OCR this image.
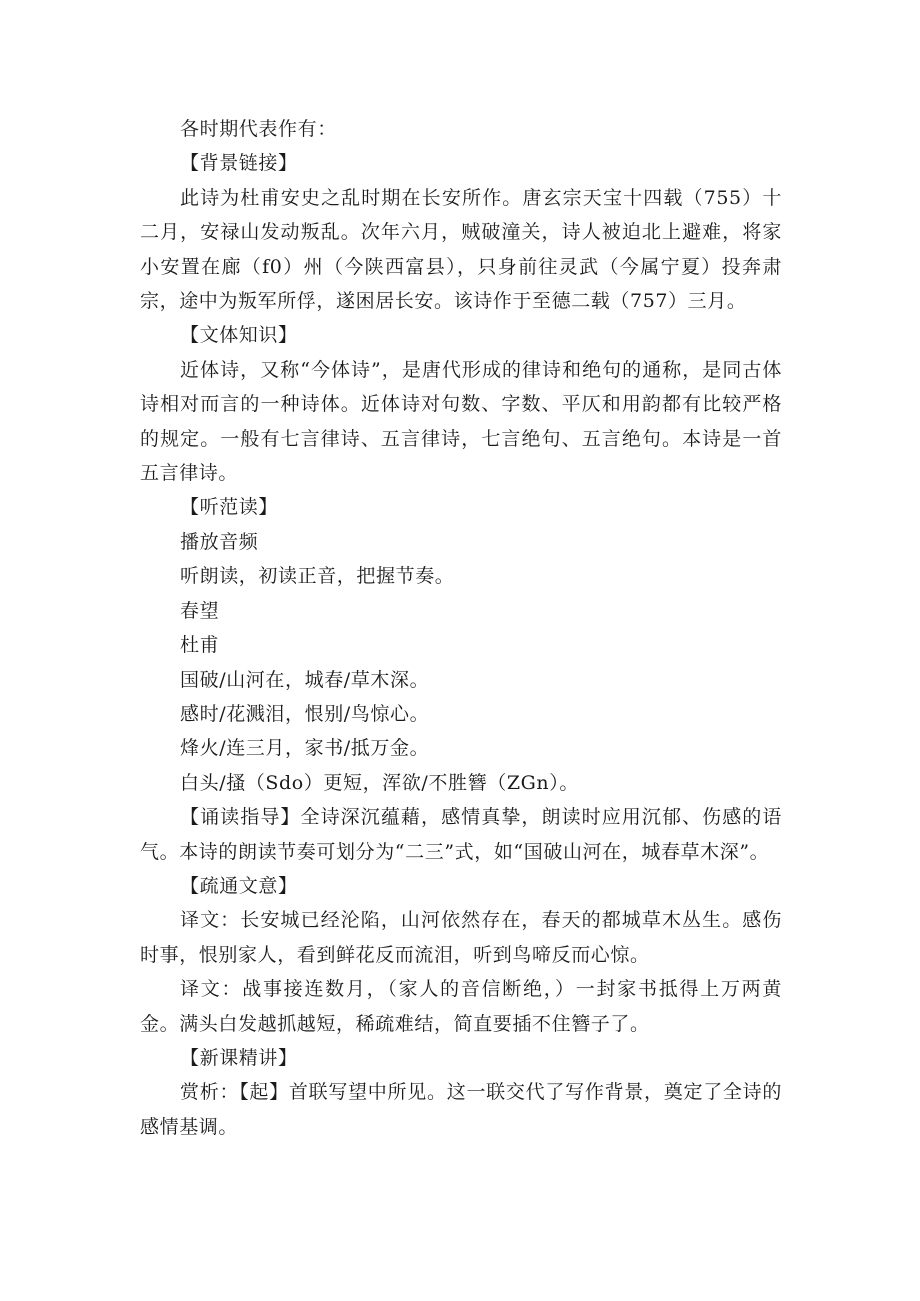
各时期代表作有：

【背景链接】

此诗为杜甫安史之乱时期在长安所作。唐玄宗天宝十四载（755）十二月，安禄山发动叛乱。次年六月，贼破潼关，诗人被迫北上避难，将家小安置在廊（f0）州（今陕西富县），只身前往灵武（今属宁夏）投奔肃宗，途中为叛军所俘，遂困居长安。该诗作于至德二载（757）三月。

【文体知识】

近体诗，又称“今体诗”，是唐代形成的律诗和绝句的通称，是同古体诗相对而言的一种诗体。近体诗对句数、字数、平仄和用韵都有比较严格的规定。一般有七言律诗、五言律诗，七言绝句、五言绝句。本诗是一首五言律诗。

【听范读】

播放音频

听朗读，初读正音，把握节奏。

春望

杜甫

国破/山河在，城春/草木深。

感时/花溅泪，恨别/鸟惊心。

烽火/连三月，家书/抵万金。

白头/搔（Sdo）更短，浑欲/不胜簪（ZGn）。

【诵读指导】全诗深沉蕴藉，感情真挚，朗读时应用沉郁、伤感的语气。本诗的朗读节奏可划分为“二三”式，如“国破山河在，城春草木深”。

【疏通文意】

译文：长安城已经沦陷，山河依然存在，春天的都城草木丛生。感伤时事，恨别家人，看到鲜花反而流泪，听到鸟啼反而心惊。

译文：战事接连数月，（家人的音信断绝，）一封家书抵得上万两黄金。满头白发越抓越短，稀疏难结，简直要插不住簪子了。

【新课精讲】

赏析：【起】首联写望中所见。这一联交代了写作背景，奠定了全诗的感情基调。
